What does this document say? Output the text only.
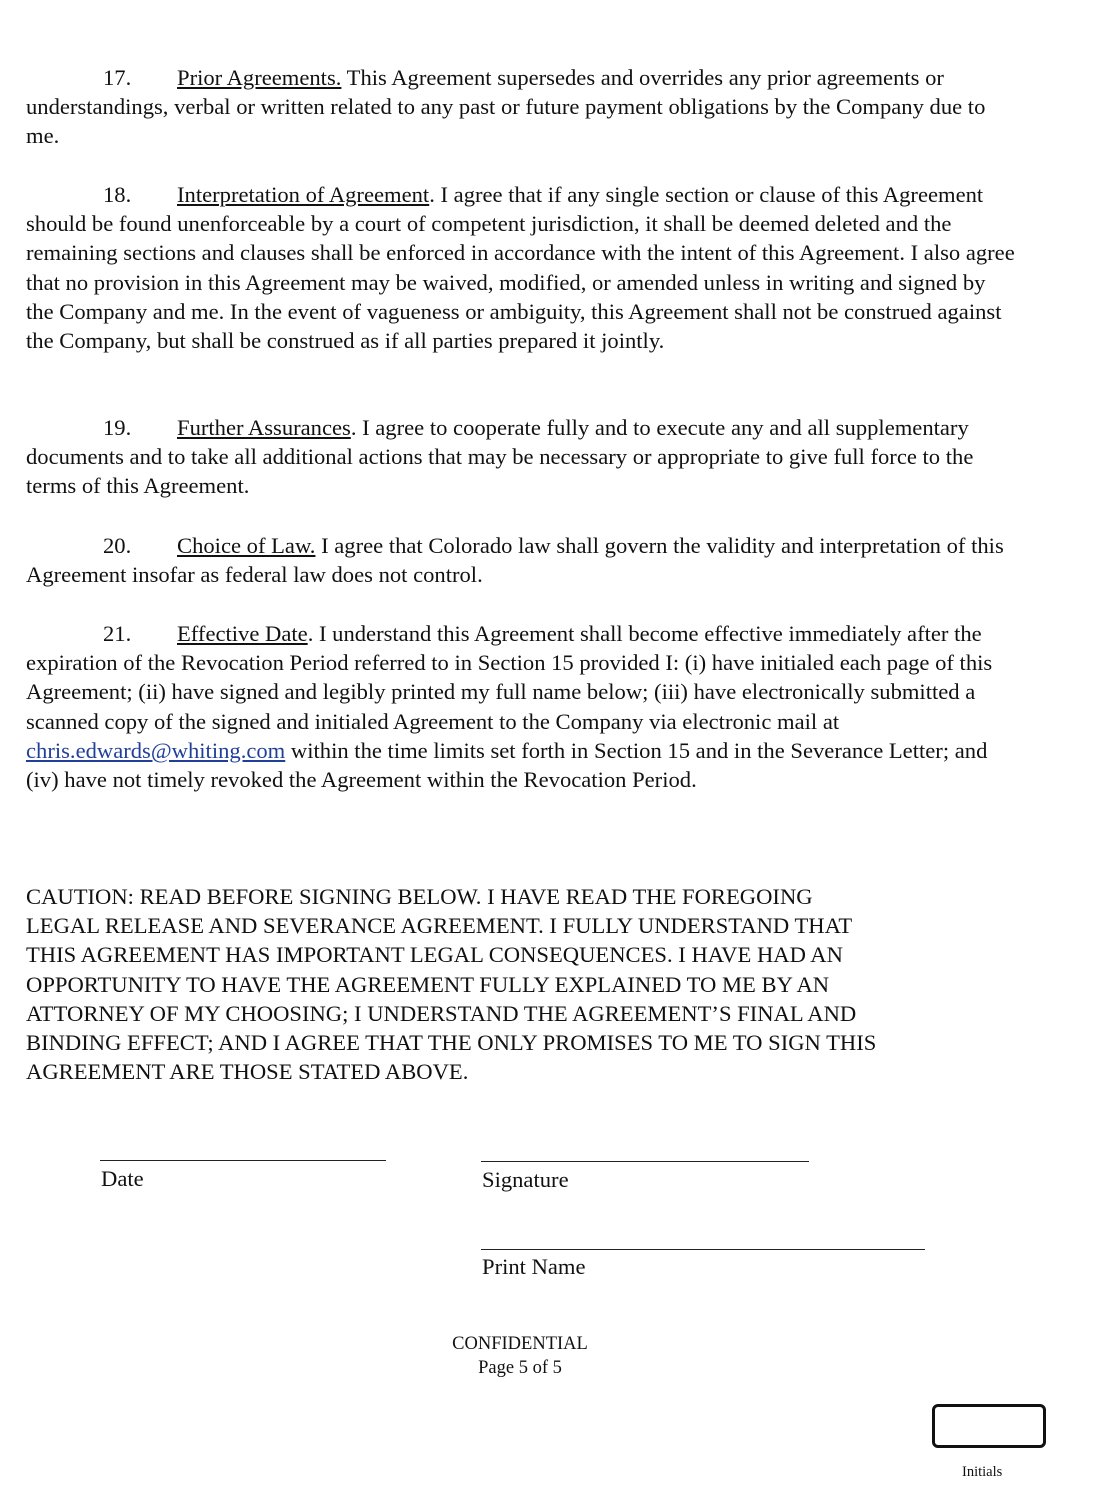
17. Prior Agreements. This Agreement supersedes and overrides any prior agreements or understandings, verbal or written related to any past or future payment obligations by the Company due to me.
18. Interpretation of Agreement. I agree that if any single section or clause of this Agreement should be found unenforceable by a court of competent jurisdiction, it shall be deemed deleted and the remaining sections and clauses shall be enforced in accordance with the intent of this Agreement. I also agree that no provision in this Agreement may be waived, modified, or amended unless in writing and signed by the Company and me. In the event of vagueness or ambiguity, this Agreement shall not be construed against the Company, but shall be construed as if all parties prepared it jointly.
19. Further Assurances. I agree to cooperate fully and to execute any and all supplementary documents and to take all additional actions that may be necessary or appropriate to give full force to the terms of this Agreement.
20. Choice of Law. I agree that Colorado law shall govern the validity and interpretation of this Agreement insofar as federal law does not control.
21. Effective Date. I understand this Agreement shall become effective immediately after the expiration of the Revocation Period referred to in Section 15 provided I: (i) have initialed each page of this Agreement; (ii) have signed and legibly printed my full name below; (iii) have electronically submitted a scanned copy of the signed and initialed Agreement to the Company via electronic mail at chris.edwards@whiting.com within the time limits set forth in Section 15 and in the Severance Letter; and (iv) have not timely revoked the Agreement within the Revocation Period.
CAUTION: READ BEFORE SIGNING BELOW. I HAVE READ THE FOREGOING
LEGAL RELEASE AND SEVERANCE AGREEMENT. I FULLY UNDERSTAND THAT
THIS AGREEMENT HAS IMPORTANT LEGAL CONSEQUENCES. I HAVE HAD AN
OPPORTUNITY TO HAVE THE AGREEMENT FULLY EXPLAINED TO ME BY AN
ATTORNEY OF MY CHOOSING; I UNDERSTAND THE AGREEMENT’S FINAL AND
BINDING EFFECT; AND I AGREE THAT THE ONLY PROMISES TO ME TO SIGN THIS
AGREEMENT ARE THOSE STATED ABOVE.
Date	Signature
Print Name
CONFIDENTIAL
Page 5 of 5
Initials
